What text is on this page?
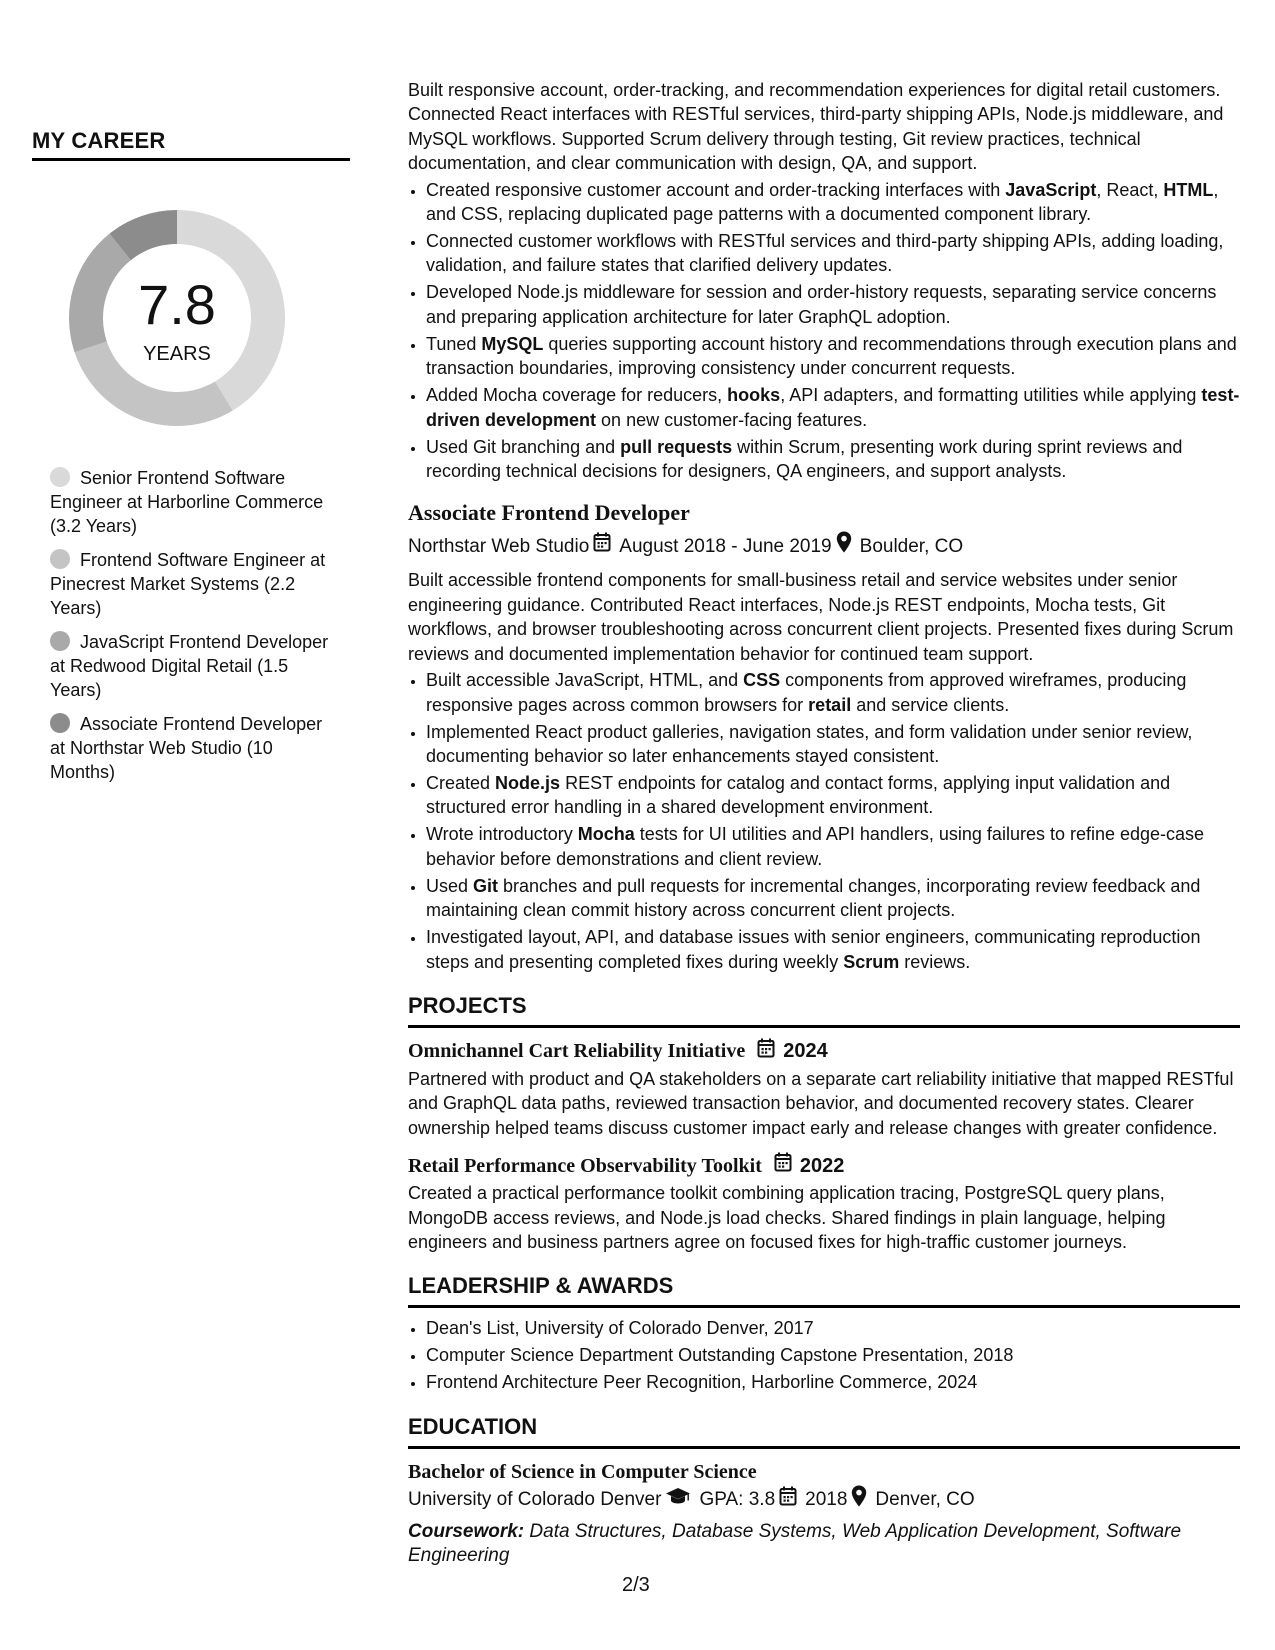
MY CAREER
7.8
YEARS
Senior Frontend Software Engineer at Harborline Commerce (3.2 Years)
Frontend Software Engineer at Pinecrest Market Systems (2.2 Years)
JavaScript Frontend Developer at Redwood Digital Retail (1.5 Years)
Associate Frontend Developer at Northstar Web Studio (10 Months)

Built responsive account, order-tracking, and recommendation experiences for digital retail customers. Connected React interfaces with RESTful services, third-party shipping APIs, Node.js middleware, and MySQL workflows. Supported Scrum delivery through testing, Git review practices, technical documentation, and clear communication with design, QA, and support.

• Created responsive customer account and order-tracking interfaces with JavaScript, React, HTML, and CSS, replacing duplicated page patterns with a documented component library.
• Connected customer workflows with RESTful services and third-party shipping APIs, adding loading, validation, and failure states that clarified delivery updates.
• Developed Node.js middleware for session and order-history requests, separating service concerns and preparing application architecture for later GraphQL adoption.
• Tuned MySQL queries supporting account history and recommendations through execution plans and transaction boundaries, improving consistency under concurrent requests.
• Added Mocha coverage for reducers, hooks, API adapters, and formatting utilities while applying test-driven development on new customer-facing features.
• Used Git branching and pull requests within Scrum, presenting work during sprint reviews and recording technical decisions for designers, QA engineers, and support analysts.
Associate Frontend Developer
Northstar Web Studio August 2018 - June 2019 Boulder, CO

Built accessible frontend components for small-business retail and service websites under senior engineering guidance. Contributed React interfaces, Node.js REST endpoints, Mocha tests, Git workflows, and browser troubleshooting across concurrent client projects. Presented fixes during Scrum reviews and documented implementation behavior for continued team support.

• Built accessible JavaScript, HTML, and CSS components from approved wireframes, producing responsive pages across common browsers for retail and service clients.
• Implemented React product galleries, navigation states, and form validation under senior review, documenting behavior so later enhancements stayed consistent.
• Created Node.js REST endpoints for catalog and contact forms, applying input validation and structured error handling in a shared development environment.
• Wrote introductory Mocha tests for UI utilities and API handlers, using failures to refine edge-case behavior before demonstrations and client review.
• Used Git branches and pull requests for incremental changes, incorporating review feedback and maintaining clean commit history across concurrent client projects.
• Investigated layout, API, and database issues with senior engineers, communicating reproduction steps and presenting completed fixes during weekly Scrum reviews.
PROJECTS
Omnichannel Cart Reliability Initiative 2024

Partnered with product and QA stakeholders on a separate cart reliability initiative that mapped RESTful and GraphQL data paths, reviewed transaction behavior, and documented recovery states. Clearer ownership helped teams discuss customer impact early and release changes with greater confidence.

Retail Performance Observability Toolkit 2022

Created a practical performance toolkit combining application tracing, PostgreSQL query plans, MongoDB access reviews, and Node.js load checks. Shared findings in plain language, helping engineers and business partners agree on focused fixes for high-traffic customer journeys.

LEADERSHIP & AWARDS
• Dean's List, University of Colorado Denver, 2017
• Computer Science Department Outstanding Capstone Presentation, 2018
• Frontend Architecture Peer Recognition, Harborline Commerce, 2024
EDUCATION
Bachelor of Science in Computer Science
University of Colorado Denver GPA: 3.8 2018 Denver, CO

Coursework: Data Structures, Database Systems, Web Application Development, Software Engineering

2/3
